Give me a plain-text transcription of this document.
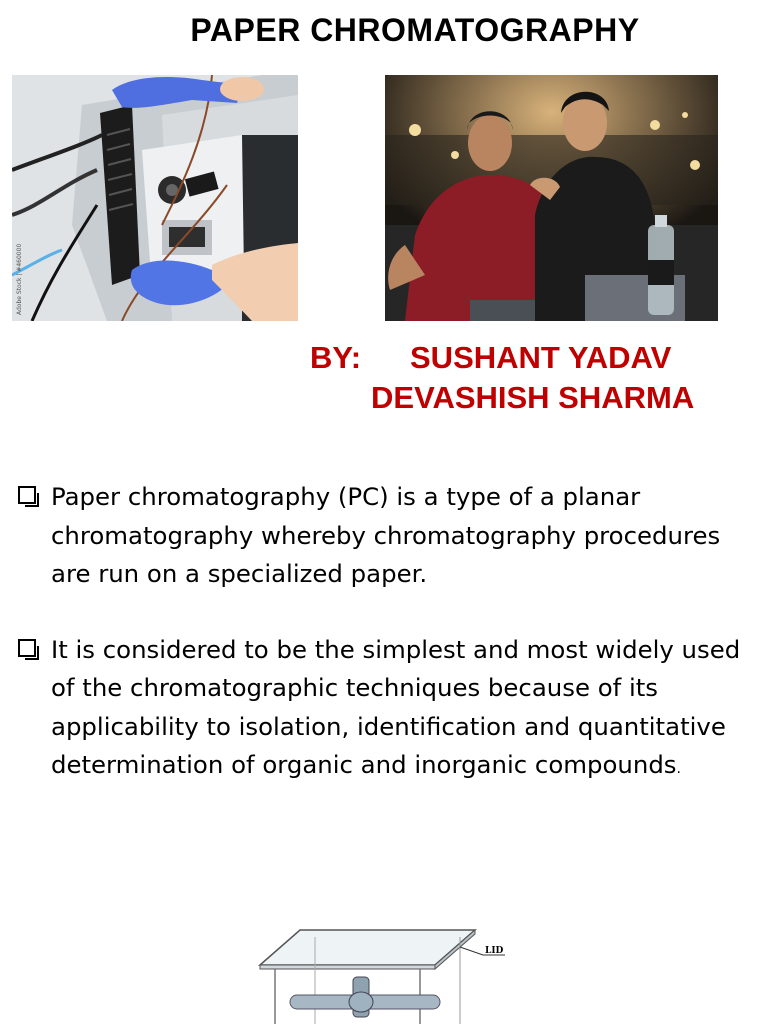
PAPER CHROMATOGRAPHY
Adobe Stock | #460000
BY: SUSHANT YADAV
DEVASHISH SHARMA
Paper chromatography (PC) is a type of a planar chromatography whereby chromatography procedures are run on a specialized paper.
It is considered to be the simplest and most widely used of the chromatographic techniques because of its applicability to isolation, identification and quantitative determination of organic and inorganic compounds.
LID
